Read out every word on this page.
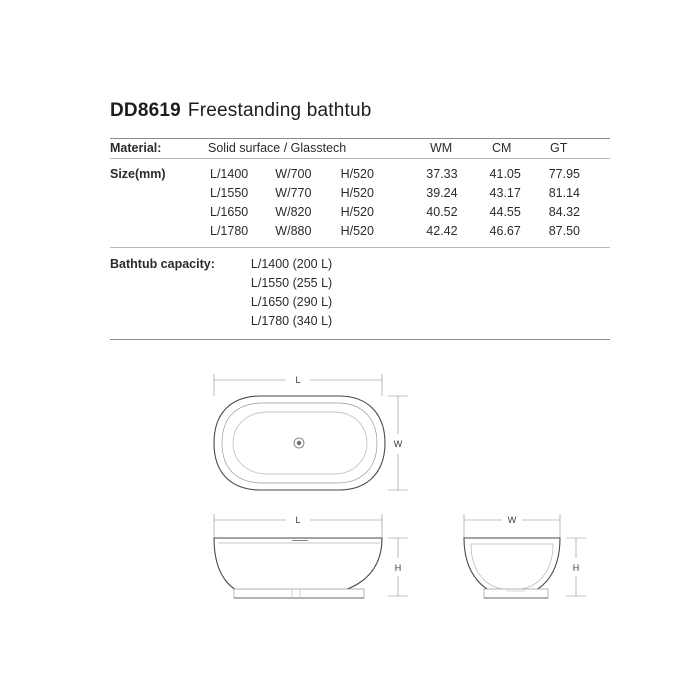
DD8619 Freestanding bathtub
Material:	Solid surface / Glasstech	WM	CM	GT
Size(mm)	L/1400	W/700	H/520	37.33	41.05	77.95
	L/1550	W/770	H/520	39.24	43.17	81.14
	L/1650	W/820	H/520	40.52	44.55	84.32
	L/1780	W/880	H/520	42.42	46.67	87.50
Bathtub capacity:	L/1400 (200 L)
L/1550 (255 L)
L/1650 (290 L)
L/1780 (340 L)
L
W
L
H
W
H
